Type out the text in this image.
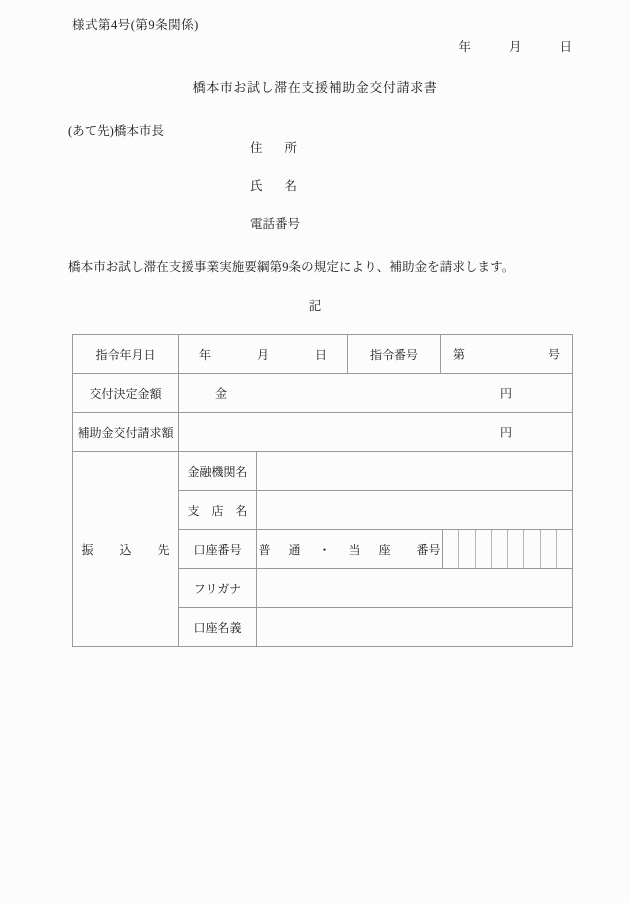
様式第4号(第9条関係)
年	月	日
橋本市お試し滞在支援補助金交付請求書
(あて先)橋本市長
住 所
氏 名
電話番号
橋本市お試し滞在支援事業実施要綱第9条の規定により、補助金を請求します。
記
指令年月日	年 月 日		指令番号	第 号

交付決定金額	金 円			

補助金交付請求額	円			

振 込 先	金融機関名			
	支 店 名			
口座番号	普 通 ・ 当 座 番号

	フリガナ			
	口座名義			
